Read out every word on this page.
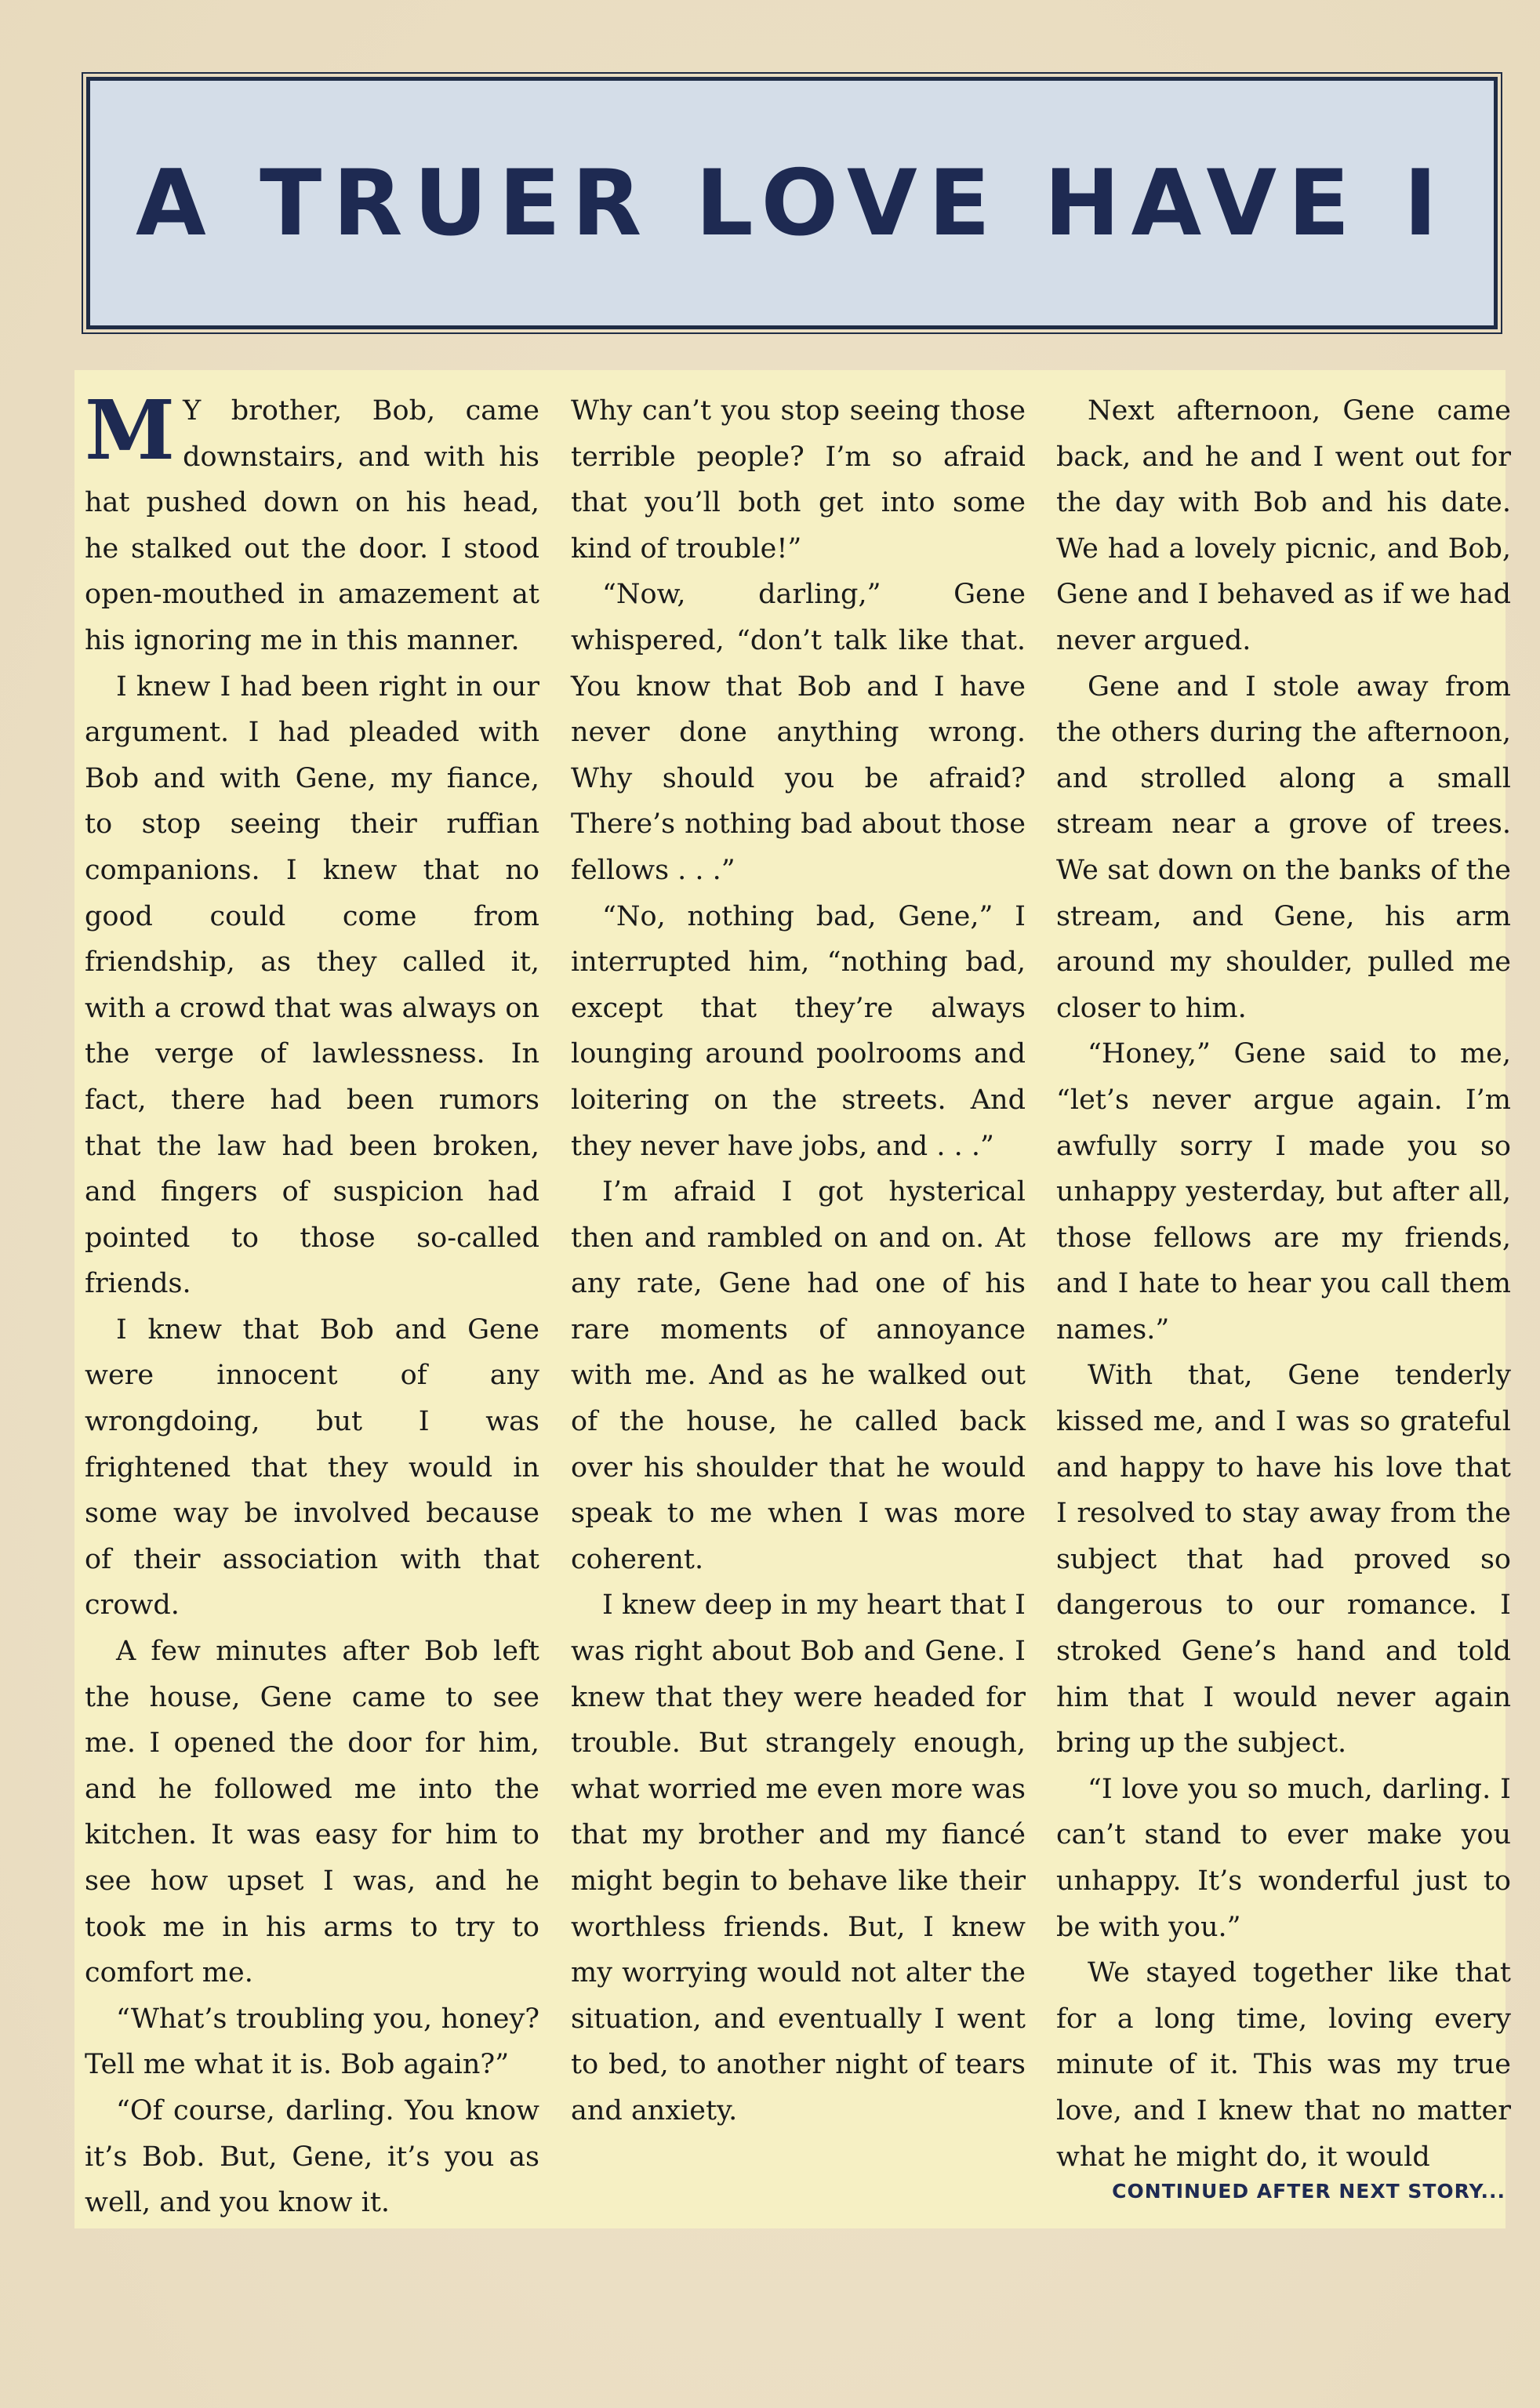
A TRUER LOVE HAVE I

M Y brother, Bob, came downstairs, and with his hat pushed down on his head, he stalked out the door. I stood open-mouthed in amazement at his ignoring me in this manner.

I knew I had been right in our argument. I had pleaded with Bob and with Gene, my fiance, to stop seeing their ruffian companions. I knew that no good could come from friendship, as they called it, with a crowd that was always on the verge of lawlessness. In fact, there had been rumors that the law had been broken, and fingers of suspicion had pointed to those so-called friends.

I knew that Bob and Gene were innocent of any wrongdoing, but I was frightened that they would in some way be involved because of their association with that crowd.

A few minutes after Bob left the house, Gene came to see me. I opened the door for him, and he followed me into the kitchen. It was easy for him to see how upset I was, and he took me in his arms to try to comfort me.

“What’s troubling you, honey? Tell me what it is. Bob again?”

“Of course, darling. You know it’s Bob. But, Gene, it’s you as well, and you know it.

Why can’t you stop seeing those terrible people? I’m so afraid that you’ll both get into some kind of trouble!”

“Now, darling,” Gene whispered, “don’t talk like that. You know that Bob and I have never done anything wrong. Why should you be afraid? There’s nothing bad about those fellows . . .”

“No, nothing bad, Gene,” I interrupted him, “nothing bad, except that they’re always lounging around poolrooms and loitering on the streets. And they never have jobs, and . . .”

I’m afraid I got hysterical then and rambled on and on. At any rate, Gene had one of his rare moments of annoyance with me. And as he walked out of the house, he called back over his shoulder that he would speak to me when I was more coherent.

I knew deep in my heart that I was right about Bob and Gene. I knew that they were headed for trouble. But strangely enough, what worried me even more was that my brother and my fiancé might begin to behave like their worthless friends. But, I knew my worrying would not alter the situation, and eventually I went to bed, to another night of tears and anxiety.

Next afternoon, Gene came back, and he and I went out for the day with Bob and his date. We had a lovely picnic, and Bob, Gene and I behaved as if we had never argued.

Gene and I stole away from the others during the afternoon, and strolled along a small stream near a grove of trees. We sat down on the banks of the stream, and Gene, his arm around my shoulder, pulled me closer to him.

“Honey,” Gene said to me, “let’s never argue again. I’m awfully sorry I made you so unhappy yesterday, but after all, those fellows are my friends, and I hate to hear you call them names.”

With that, Gene tenderly kissed me, and I was so grateful and happy to have his love that I resolved to stay away from the subject that had proved so dangerous to our romance. I stroked Gene’s hand and told him that I would never again bring up the subject.

“I love you so much, darling. I can’t stand to ever make you unhappy. It’s wonderful just to be with you.”

We stayed together like that for a long time, loving every minute of it. This was my true love, and I knew that no matter what he might do, it would

CONTINUED AFTER NEXT STORY...
